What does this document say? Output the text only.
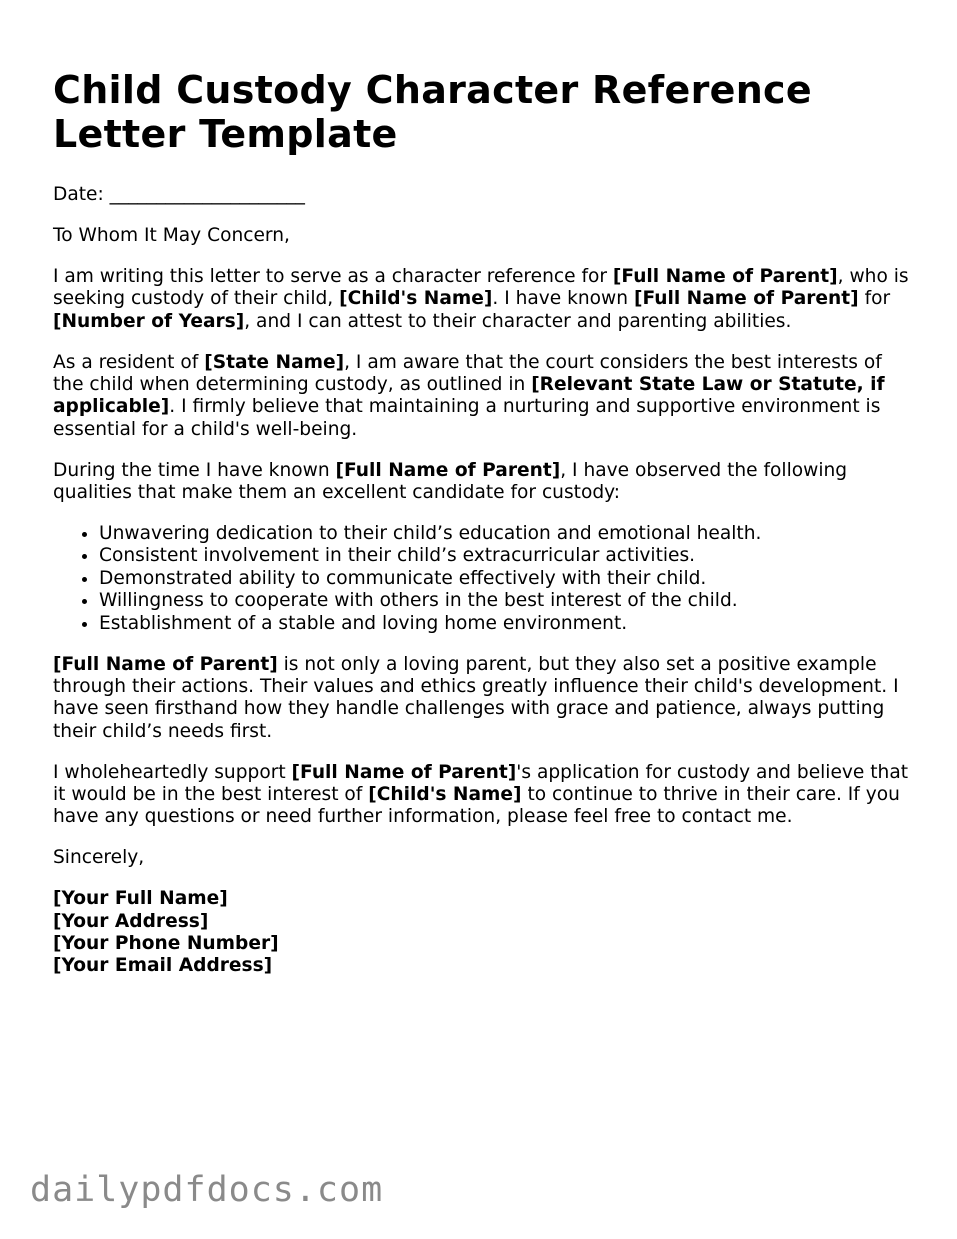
Child Custody Character Reference Letter Template

Date: _____________________

To Whom It May Concern,

I am writing this letter to serve as a character reference for [Full Name of Parent], who is seeking custody of their child, [Child's Name]. I have known [Full Name of Parent] for [Number of Years], and I can attest to their character and parenting abilities.

As a resident of [State Name], I am aware that the court considers the best interests of the child when determining custody, as outlined in [Relevant State Law or Statute, if applicable]. I firmly believe that maintaining a nurturing and supportive environment is essential for a child's well-being.

During the time I have known [Full Name of Parent], I have observed the following qualities that make them an excellent candidate for custody:

• Unwavering dedication to their child’s education and emotional health.
• Consistent involvement in their child’s extracurricular activities.
• Demonstrated ability to communicate effectively with their child.
• Willingness to cooperate with others in the best interest of the child.
• Establishment of a stable and loving home environment.

[Full Name of Parent] is not only a loving parent, but they also set a positive example through their actions. Their values and ethics greatly influence their child's development. I have seen firsthand how they handle challenges with grace and patience, always putting their child’s needs first.

I wholeheartedly support [Full Name of Parent]'s application for custody and believe that it would be in the best interest of [Child's Name] to continue to thrive in their care. If you have any questions or need further information, please feel free to contact me.

Sincerely,

[Your Full Name]

[Your Address]

[Your Phone Number]

[Your Email Address]

dailypdfdocs.com
